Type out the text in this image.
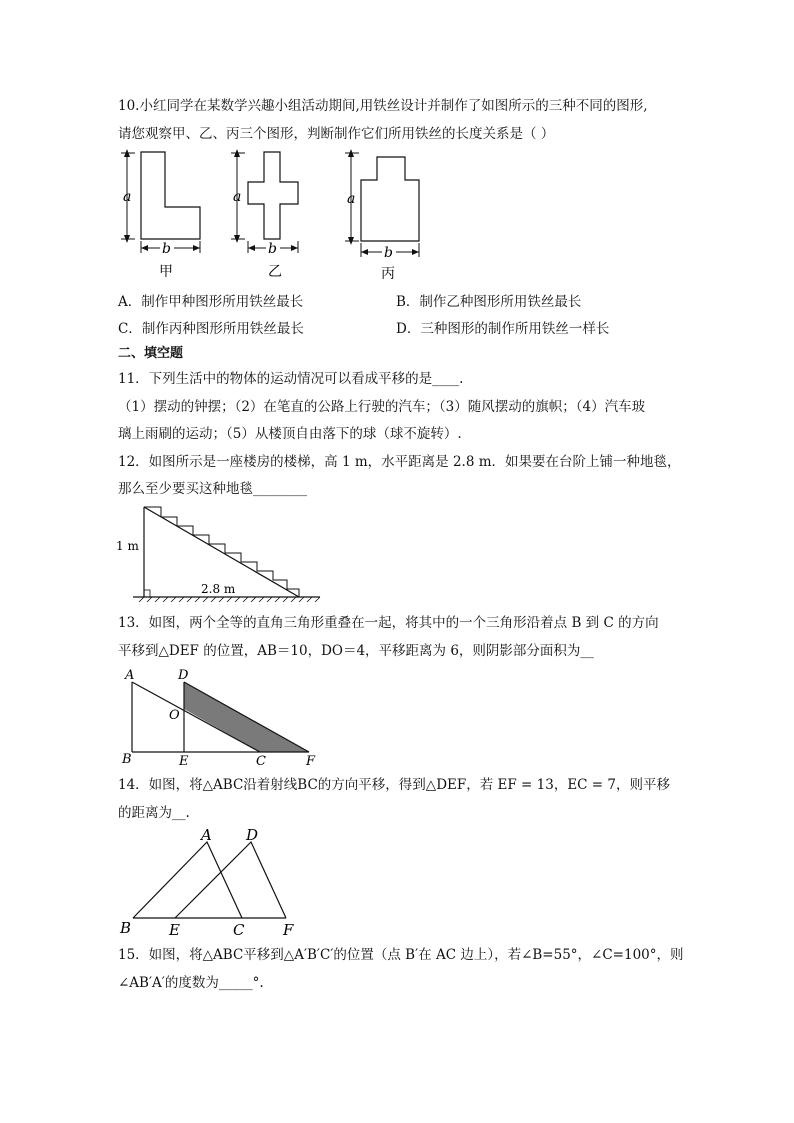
10.小红同学在某数学兴趣小组活动期间,用铁丝设计并制作了如图所示的三种不同的图形,
请您观察甲、乙、丙三个图形，判断制作它们所用铁丝的长度关系是（ ）
a
b
甲
a
b
乙
a
b
丙
A．制作甲种图形所用铁丝最长	B．制作乙种图形所用铁丝最长
C．制作丙种图形所用铁丝最长	D．三种图形的制作所用铁丝一样长
二、填空题
11．下列生活中的物体的运动情况可以看成平移的是____.
（1）摆动的钟摆；（2）在笔直的公路上行驶的汽车；（3）随风摆动的旗帜；（4）汽车玻
璃上雨刷的运动；（5）从楼顶自由落下的球（球不旋转）.
12．如图所示是一座楼房的楼梯，高 1 m，水平距离是 2.8 m．如果要在台阶上铺一种地毯，
那么至少要买这种地毯________
1 m
2.8 m
13．如图，两个全等的直角三角形重叠在一起，将其中的一个三角形沿着点 B 到 C 的方向
平移到△DEF 的位置，AB＝10，DO＝4，平移距离为 6，则阴影部分面积为__
A	D
O
B	E	C	F
14．如图，将△ABC沿着射线BC的方向平移，得到△DEF，若 EF = 13，EC = 7，则平移
的距离为__.
A D
B	E	C	F
15．如图，将△ABC平移到△A′B′C′的位置（点 B′在 AC 边上），若∠B=55°，∠C=100°，则
∠AB′A′的度数为_____°.
